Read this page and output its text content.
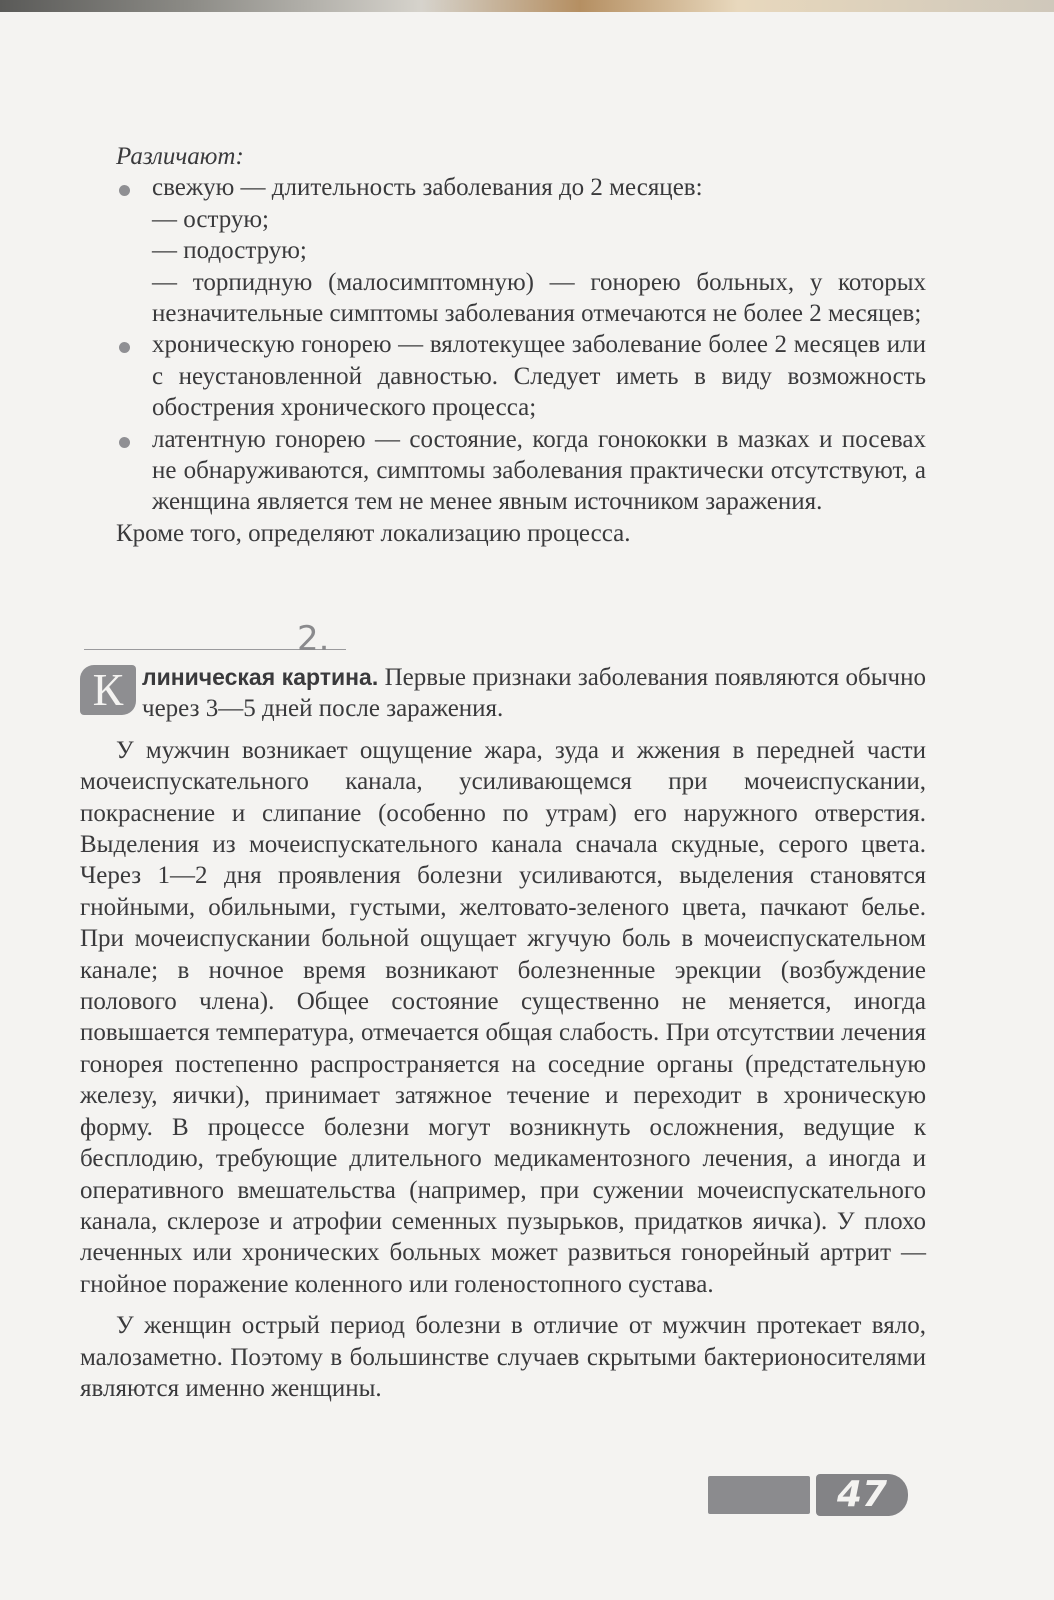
Различают:
свежую — длительность заболевания до 2 месяцев:

— острую;

— подострую;

— торпидную (малосимптомную) — гонорею больных, у которых незначительные симптомы заболевания отмечаются не более 2 месяцев;

хроническую гонорею — вялотекущее заболевание более 2 месяцев или с неустановленной давностью. Следует иметь в виду возможность обострения хронического процесса;
латентную гонорею — состояние, когда гонококки в мазках и посевах не обнаруживаются, симптомы заболевания практически отсутствуют, а женщина является тем не менее явным источником заражения.

Кроме того, определяют локализацию процесса.

2.

К линическая картина. Первые признаки заболевания появляются обычно через 3—5 дней после заражения.

У мужчин возникает ощущение жара, зуда и жжения в передней части мочеиспускательного канала, усиливающемся при мочеиспускании, покраснение и слипание (особенно по утрам) его наружного отверстия. Выделения из мочеиспускательного канала сначала скудные, серого цвета. Через 1—2 дня проявления болезни усиливаются, выделения становятся гнойными, обильными, густыми, желтовато-зеленого цвета, пачкают белье. При мочеиспускании больной ощущает жгучую боль в мочеиспускательном канале; в ночное время возникают болезненные эрекции (возбуждение полового члена). Общее состояние существенно не меняется, иногда повышается температура, отмечается общая слабость. При отсутствии лечения гонорея постепенно распространяется на соседние органы (предстательную железу, яички), принимает затяжное течение и переходит в хроническую форму. В процессе болезни могут возникнуть осложнения, ведущие к бесплодию, требующие длительного медикаментозного лечения, а иногда и оперативного вмешательства (например, при сужении мочеиспускательного канала, склерозе и атрофии семенных пузырьков, придатков яичка). У плохо леченных или хронических больных может развиться гонорейный артрит — гнойное поражение коленного или голеностопного сустава.

У женщин острый период болезни в отличие от мужчин протекает вяло, малозаметно. Поэтому в большинстве случаев скрытыми бактерионосителями являются именно женщины.

47
